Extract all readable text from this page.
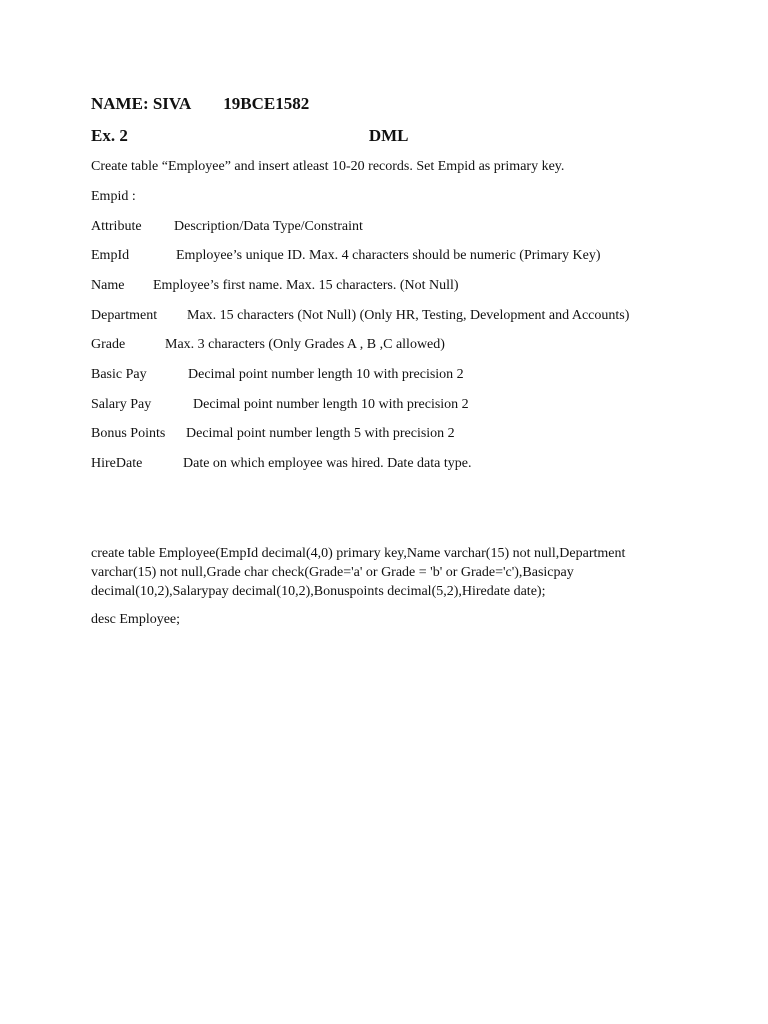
NAME: SIVA 19BCE1582
Ex. 2	DML
Create table “Employee” and insert atleast 10-20 records. Set Empid as primary key.
Empid :
Attribute Description/Data Type/Constraint
EmpId	Employee’s unique ID. Max. 4 characters should be numeric (Primary Key)
Name Employee’s first name. Max. 15 characters. (Not Null)
Department Max. 15 characters (Not Null) (Only HR, Testing, Development and Accounts)
Grade	Max. 3 characters (Only Grades A , B ,C allowed)
Basic Pay	Decimal point number length 10 with precision 2
Salary Pay	Decimal point number length 10 with precision 2
Bonus Points Decimal point number length 5 with precision 2
HireDate	Date on which employee was hired. Date data type.
create table Employee(EmpId decimal(4,0) primary key,Name varchar(15) not null,Department
varchar(15) not null,Grade char check(Grade='a' or Grade = 'b' or Grade='c'),Basicpay
decimal(10,2),Salarypay decimal(10,2),Bonuspoints decimal(5,2),Hiredate date);
desc Employee;
